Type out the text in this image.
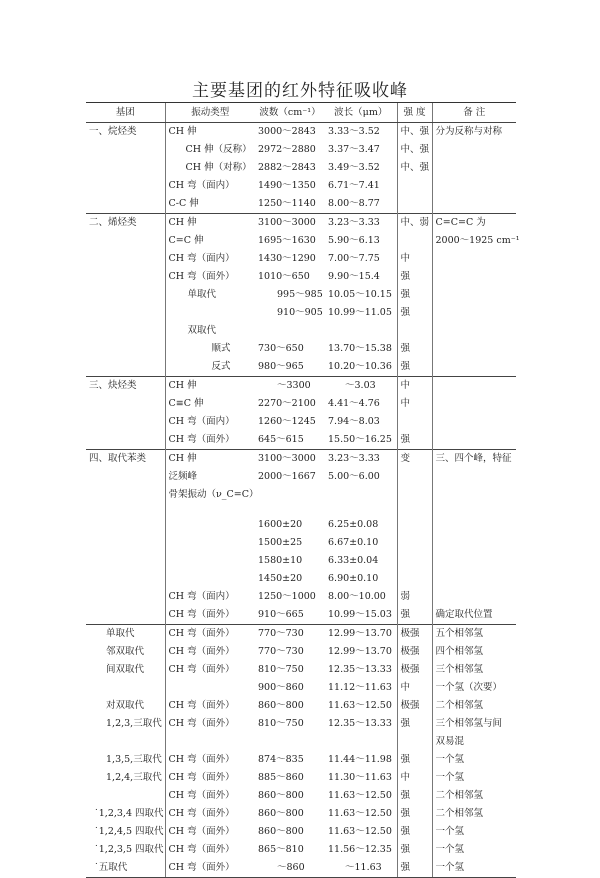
主要基团的红外特征吸收峰
基团	振动类型	波数（cm⁻¹）	波长（μm）	强 度	备 注
一、烷烃类	CH 伸	3000～2843	3.33～3.52	中、强	分为反称与对称
	CH 伸（反称）	2972～2880	3.37～3.47	中、强	
	CH 伸（对称）	2882～2843	3.49～3.52	中、强	
	CH 弯（面内）	1490～1350	6.71～7.41		
	C-C 伸	1250～1140	8.00～8.77		
二、烯烃类	CH 伸	3100～3000	3.23～3.33	中、弱	C=C=C 为
	C=C 伸	1695～1630	5.90～6.13		2000～1925 cm⁻¹
	CH 弯（面内）	1430～1290	7.00～7.75	中	
	CH 弯（面外）	1010～650	9.90～15.4	强	
	单取代	995～985	10.05～10.15	强	
		910～905	10.99～11.05	强	
	双取代				
	顺式	730～650	13.70～15.38	强	
	反式	980～965	10.20～10.36	强	
三、炔烃类	CH 伸	～3300	～3.03	中	
	C≡C 伸	2270～2100	4.41～4.76	中	
	CH 弯（面内）	1260～1245	7.94～8.03		
	CH 弯（面外）	645～615	15.50～16.25	强	
四、取代苯类	CH 伸	3100～3000	3.23～3.33	变	三、四个峰，特征
	泛频峰	2000～1667	5.00～6.00		
	骨架振动（ν_C=C）				
		1600±20	6.25±0.08		
		1500±25	6.67±0.10		
		1580±10	6.33±0.04		
		1450±20	6.90±0.10		
	CH 弯（面内）	1250～1000	8.00～10.00	弱	
	CH 弯（面外）	910～665	10.99～15.03	强	确定取代位置
单取代	CH 弯（面外）	770～730	12.99～13.70	极强	五个相邻氢
邻双取代	CH 弯（面外）	770～730	12.99～13.70	极强	四个相邻氢
间双取代	CH 弯（面外）	810～750	12.35～13.33	极强	三个相邻氢
		900～860	11.12～11.63	中	一个氢（次要）
对双取代	CH 弯（面外）	860～800	11.63～12.50	极强	二个相邻氢
1,2,3,三取代	CH 弯（面外）	810～750	12.35～13.33	强	三个相邻氢与间
					双易混
1,3,5,三取代	CH 弯（面外）	874～835	11.44～11.98	强	一个氢
1,2,4,三取代	CH 弯（面外）	885～860	11.30～11.63	中	一个氢
	CH 弯（面外）	860～800	11.63～12.50	强	二个相邻氢
˙1,2,3,4 四取代	CH 弯（面外）	860～800	11.63～12.50	强	二个相邻氢
˙1,2,4,5 四取代	CH 弯（面外）	860～800	11.63～12.50	强	一个氢
˙1,2,3,5 四取代	CH 弯（面外）	865～810	11.56～12.35	强	一个氢
˙五取代	CH 弯（面外）	～860	～11.63	强	一个氢
